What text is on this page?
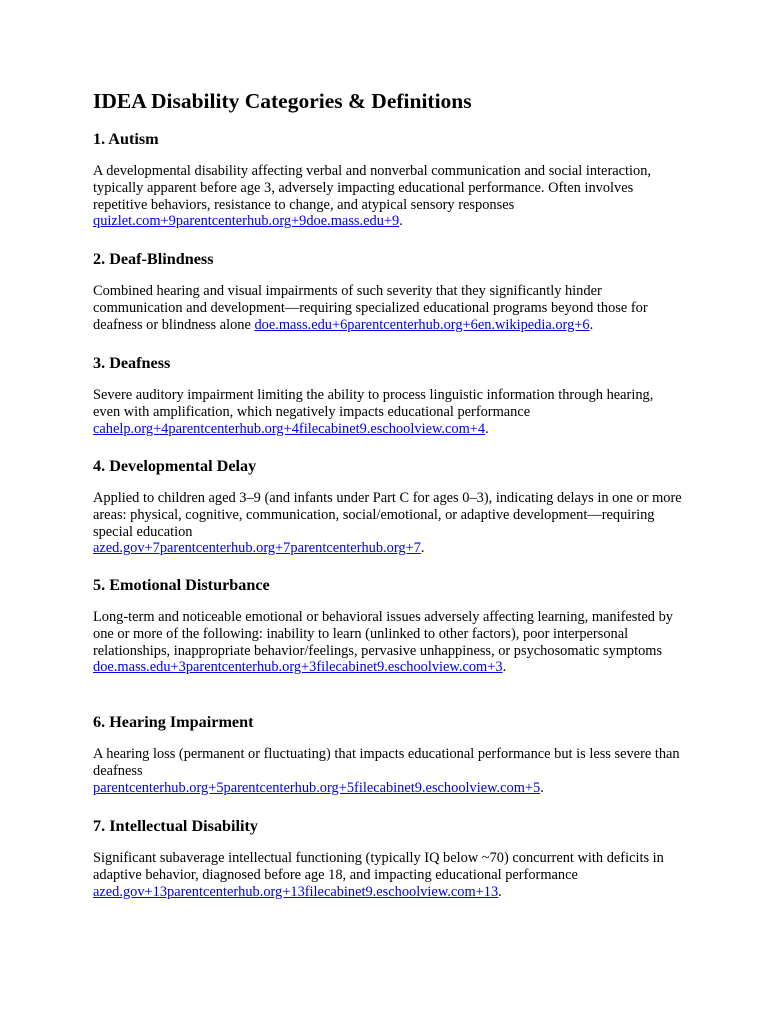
IDEA Disability Categories & Definitions
1. Autism

A developmental disability affecting verbal and nonverbal communication and social interaction, typically apparent before age 3, adversely impacting educational performance. Often involves repetitive behaviors, resistance to change, and atypical sensory responses
quizlet.com+9parentcenterhub.org+9doe.mass.edu+9.

2. Deaf-Blindness

Combined hearing and visual impairments of such severity that they significantly hinder communication and development—requiring specialized educational programs beyond those for deafness or blindness alone doe.mass.edu+6parentcenterhub.org+6en.wikipedia.org+6.

3. Deafness

Severe auditory impairment limiting the ability to process linguistic information through hearing, even with amplification, which negatively impacts educational performance
cahelp.org+4parentcenterhub.org+4filecabinet9.eschoolview.com+4.

4. Developmental Delay

Applied to children aged 3–9 (and infants under Part C for ages 0–3), indicating delays in one or more areas: physical, cognitive, communication, social/emotional, or adaptive development—requiring special education
azed.gov+7parentcenterhub.org+7parentcenterhub.org+7.

5. Emotional Disturbance

Long-term and noticeable emotional or behavioral issues adversely affecting learning, manifested by one or more of the following: inability to learn (unlinked to other factors), poor interpersonal relationships, inappropriate behavior/feelings, pervasive unhappiness, or psychosomatic symptoms
doe.mass.edu+3parentcenterhub.org+3filecabinet9.eschoolview.com+3.

6. Hearing Impairment

A hearing loss (permanent or fluctuating) that impacts educational performance but is less severe than deafness
parentcenterhub.org+5parentcenterhub.org+5filecabinet9.eschoolview.com+5.

7. Intellectual Disability

Significant subaverage intellectual functioning (typically IQ below ~70) concurrent with deficits in adaptive behavior, diagnosed before age 18, and impacting educational performance azed.gov+13parentcenterhub.org+13filecabinet9.eschoolview.com+13.
